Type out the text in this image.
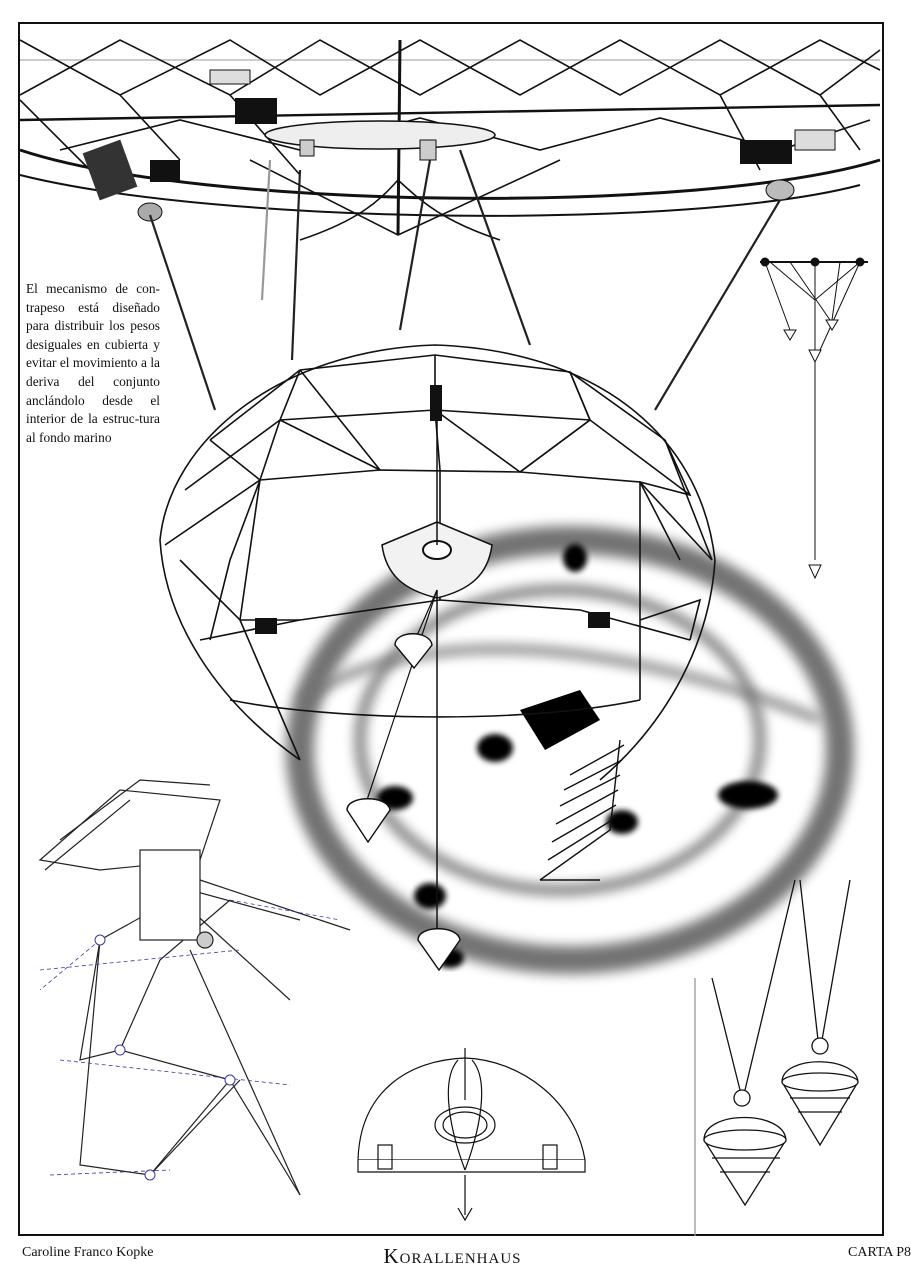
El mecanismo de con-trapeso está diseñado para distribuir los pesos desiguales en cubierta y evitar el movimiento a la deriva del conjunto anclándolo desde el interior de la estruc-tura al fondo marino
Caroline Franco Kopke	Korallenhaus	CARTA P8
